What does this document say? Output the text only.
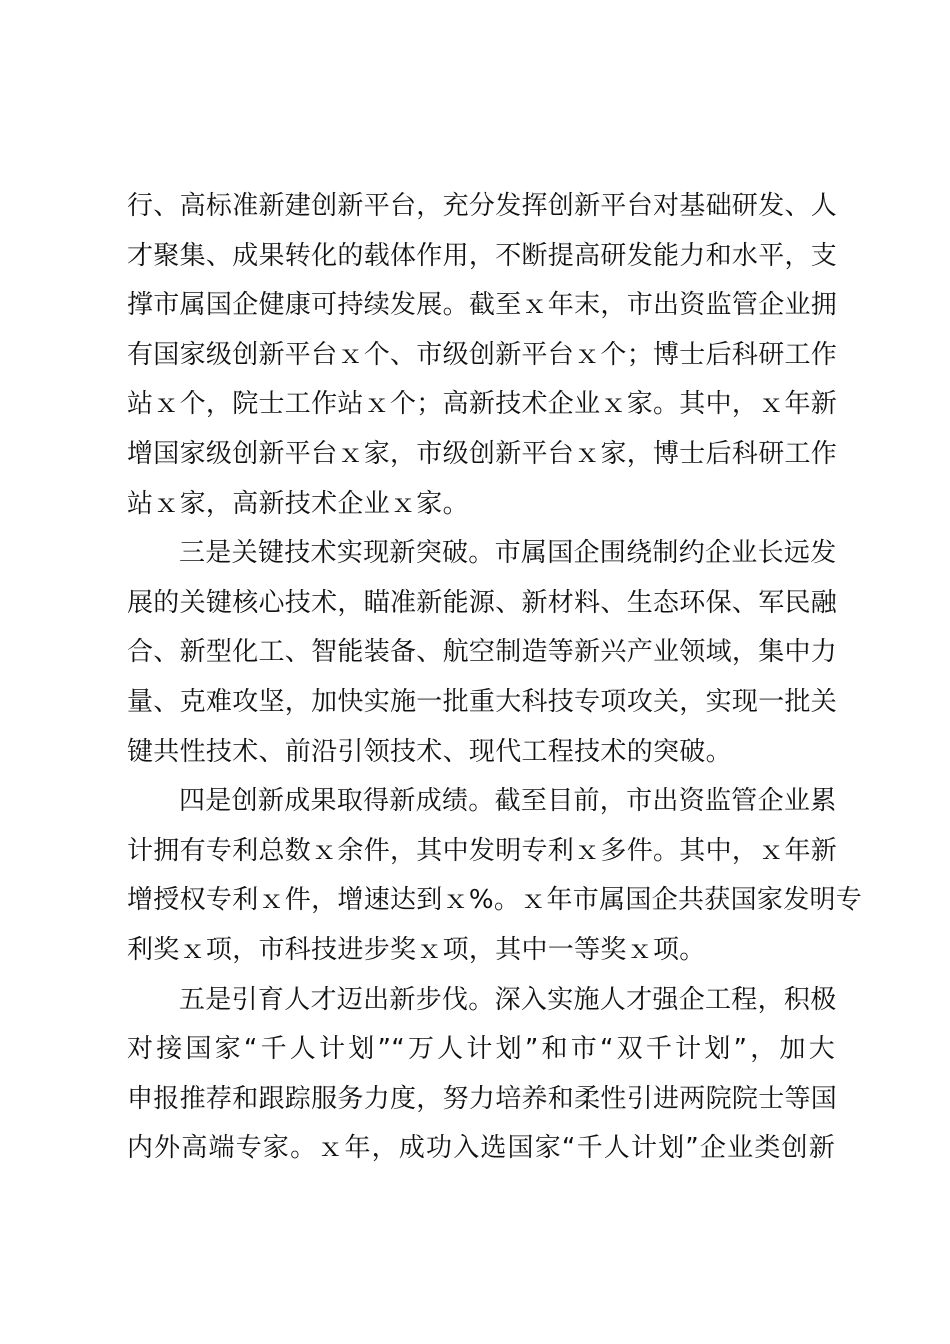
行、高标准新建创新平台，充分发挥创新平台对基础研发、人
才聚集、成果转化的载体作用，不断提高研发能力和水平，支
撑市属国企健康可持续发展。截至ｘ年末，市出资监管企业拥
有国家级创新平台ｘ个、市级创新平台ｘ个；博士后科研工作
站ｘ个，院士工作站ｘ个；高新技术企业ｘ家。其中，ｘ年新
增国家级创新平台ｘ家，市级创新平台ｘ家，博士后科研工作
站ｘ家，高新技术企业ｘ家。
三是关键技术实现新突破。市属国企围绕制约企业长远发
展的关键核心技术，瞄准新能源、新材料、生态环保、军民融
合、新型化工、智能装备、航空制造等新兴产业领域，集中力
量、克难攻坚，加快实施一批重大科技专项攻关，实现一批关
键共性技术、前沿引领技术、现代工程技术的突破。
四是创新成果取得新成绩。截至目前，市出资监管企业累
计拥有专利总数ｘ余件，其中发明专利ｘ多件。其中，ｘ年新
增授权专利ｘ件，增速达到ｘ%。ｘ年市属国企共获国家发明专
利奖ｘ项，市科技进步奖ｘ项，其中一等奖ｘ项。
五是引育人才迈出新步伐。深入实施人才强企工程，积极
对接国家“千人计划”“万人计划”和市“双千计划”，加大
申报推荐和跟踪服务力度，努力培养和柔性引进两院院士等国
内外高端专家。ｘ年，成功入选国家“千人计划”企业类创新
